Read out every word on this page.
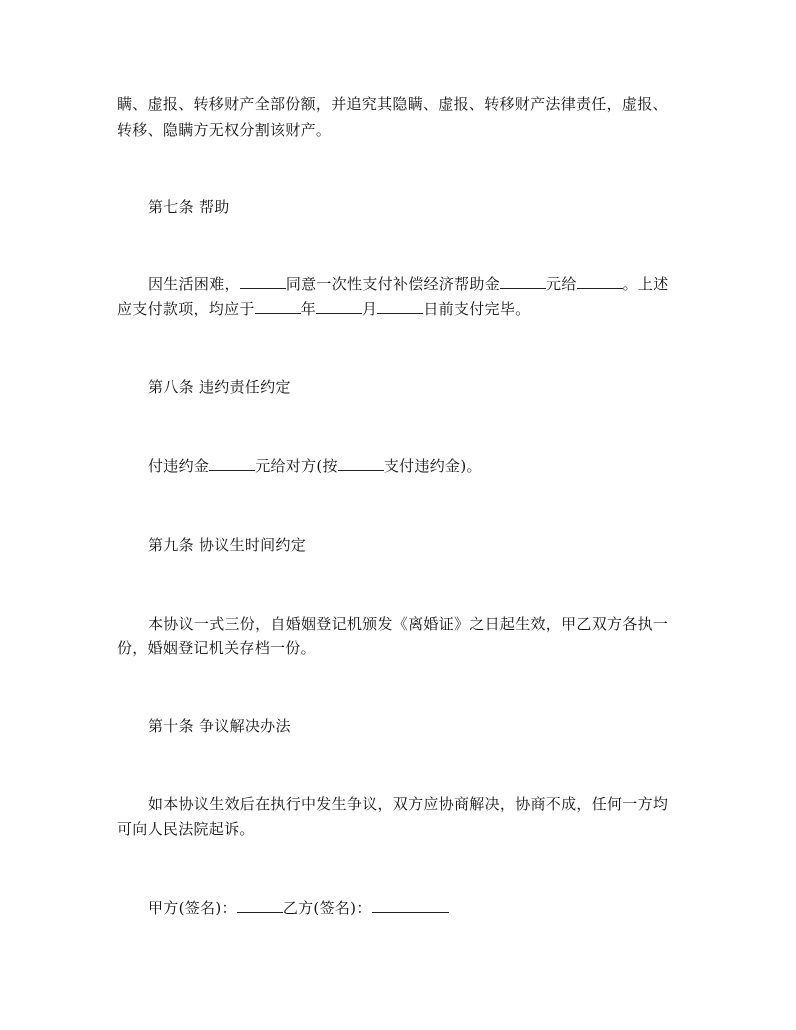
瞒、虚报、转移财产全部份额，并追究其隐瞒、虚报、转移财产法律责任，虚报、
转移、隐瞒方无权分割该财产。
第七条 帮助
因生活困难，	同意一次性支付补偿经济帮助金	元给	。上述
应支付款项，均应于	年	月	日前支付完毕。
第八条 违约责任约定
付违约金	元给对方(按	支付违约金)。
第九条 协议生时间约定
本协议一式三份，自婚姻登记机颁发《离婚证》之日起生效，甲乙双方各执一
份，婚姻登记机关存档一份。
第十条 争议解决办法
如本协议生效后在执行中发生争议，双方应协商解决，协商不成，任何一方均
可向人民法院起诉。
甲方(签名)：	乙方(签名)：
